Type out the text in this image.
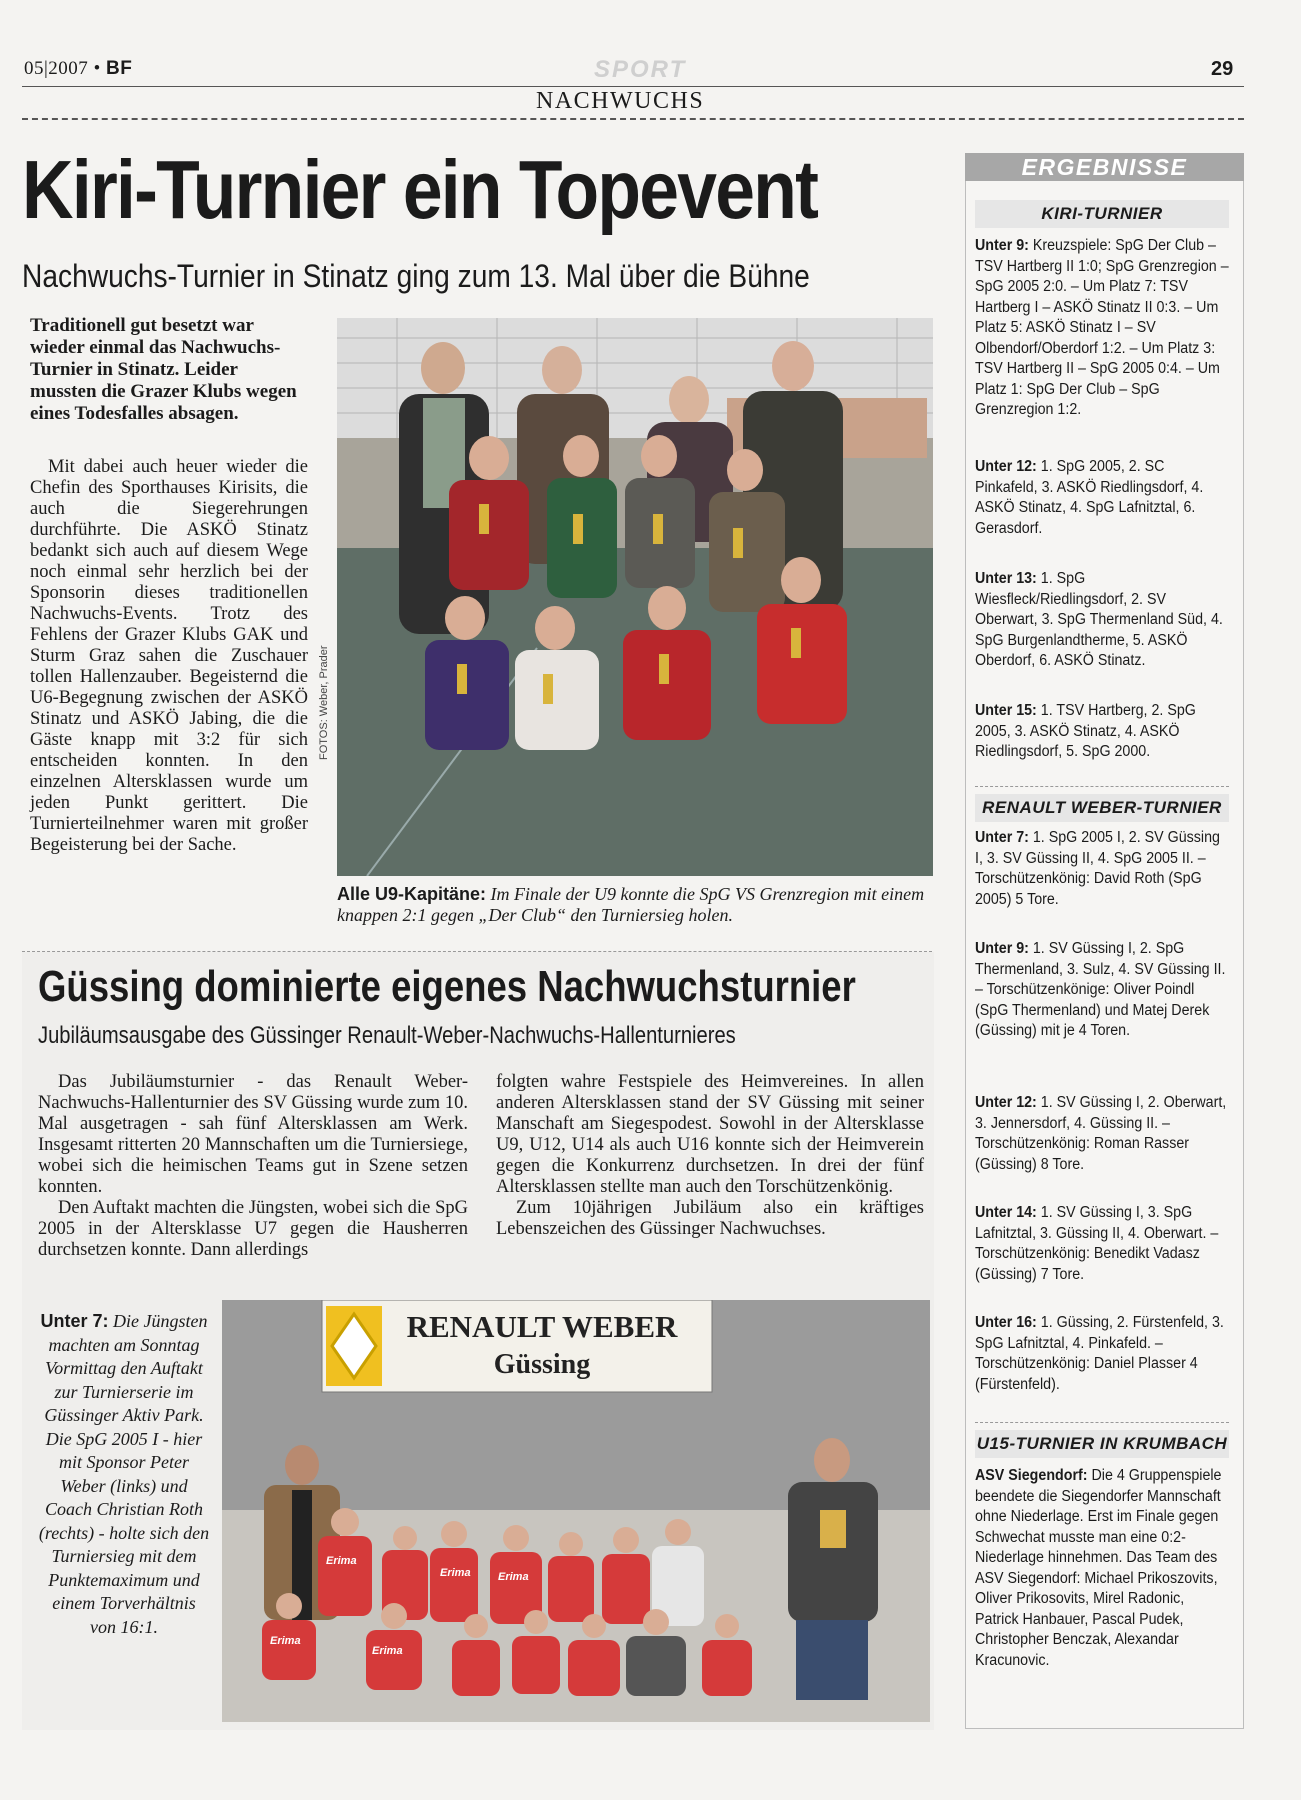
05|2007 • BF	SPORT	29
NACHWUCHS
Kiri-Turnier ein Topevent
Nachwuchs-Turnier in Stinatz ging zum 13. Mal über die Bühne
Traditionell gut besetzt war wieder einmal das Nachwuchs-Turnier in Stinatz. Leider mussten die Grazer Klubs wegen eines Todesfalles absagen.
Mit dabei auch heuer wieder die Chefin des Sporthauses Kirisits, die auch die Siegerehrungen durchführte. Die ASKÖ Stinatz bedankt sich auch auf diesem Wege noch einmal sehr herzlich bei der Sponsorin dieses traditionellen Nachwuchs-Events. Trotz des Fehlens der Grazer Klubs GAK und Sturm Graz sahen die Zuschauer tollen Hallenzauber. Begeisternd die U6-Begegnung zwischen der ASKÖ Stinatz und ASKÖ Jabing, die die Gäste knapp mit 3:2 für sich entscheiden konnten. In den einzelnen Altersklassen wurde um jeden Punkt gerittert. Die Turnierteilnehmer waren mit großer Begeisterung bei der Sache.
FOTOS: Weber, Prader
Alle U9-Kapitäne: Im Finale der U9 konnte die SpG VS Grenzregion mit einem knappen 2:1 gegen „Der Club“ den Turniersieg holen.
Güssing dominierte eigenes Nachwuchsturnier
Jubiläumsausgabe des Güssinger Renault-Weber-Nachwuchs-Hallenturnieres
Das Jubiläumsturnier - das Renault Weber-Nachwuchs-Hallenturnier des SV Güssing wurde zum 10. Mal ausgetragen - sah fünf Altersklassen am Werk. Insgesamt ritterten 20 Mannschaften um die Turniersiege, wobei sich die heimischen Teams gut in Szene setzen konnten.
Den Auftakt machten die Jüngsten, wobei sich die SpG 2005 in der Altersklasse U7 gegen die Hausherren durchsetzen konnte. Dann allerdings
folgten wahre Festspiele des Heimvereines. In allen anderen Altersklassen stand der SV Güssing mit seiner Manschaft am Siegespodest. Sowohl in der Altersklasse U9, U12, U14 als auch U16 konnte sich der Heimverein gegen die Konkurrenz durchsetzen. In drei der fünf Altersklassen stellte man auch den Torschützenkönig.
Zum 10jährigen Jubiläum also ein kräftiges Lebenszeichen des Güssinger Nachwuchses.
Unter 7: Die Jüngsten machten am Sonntag Vormittag den Auftakt zur Turnierserie im Güssinger Aktiv Park. Die SpG 2005 I - hier mit Sponsor Peter Weber (links) und Coach Christian Roth (rechts) - holte sich den Turniersieg mit dem Punktemaximum und einem Torverhältnis von 16:1.
RENAULT WEBER
Güssing
Erima
Erima Erima
Erima
Erima
ERGEBNISSE
KIRI-TURNIER
Unter 9: Kreuzspiele: SpG Der Club – TSV Hartberg II 1:0; SpG Grenzregion – SpG 2005 2:0. – Um Platz 7: TSV Hartberg I – ASKÖ Stinatz II 0:3. – Um Platz 5: ASKÖ Stinatz I – SV Olbendorf/Oberdorf 1:2. – Um Platz 3: TSV Hartberg II – SpG 2005 0:4. – Um Platz 1: SpG Der Club – SpG Grenzregion 1:2.
Unter 12: 1. SpG 2005, 2. SC Pinkafeld, 3. ASKÖ Riedlingsdorf, 4. ASKÖ Stinatz, 4. SpG Lafnitztal, 6. Gerasdorf.
Unter 13: 1. SpG Wiesfleck/Riedlingsdorf, 2. SV Oberwart, 3. SpG Thermenland Süd, 4. SpG Burgenlandtherme, 5. ASKÖ Oberdorf, 6. ASKÖ Stinatz.
Unter 15: 1. TSV Hartberg, 2. SpG 2005, 3. ASKÖ Stinatz, 4. ASKÖ Riedlingsdorf, 5. SpG 2000.
RENAULT WEBER-TURNIER
Unter 7: 1. SpG 2005 I, 2. SV Güssing I, 3. SV Güssing II, 4. SpG 2005 II. – Torschützenkönig: David Roth (SpG 2005) 5 Tore.
Unter 9: 1. SV Güssing I, 2. SpG Thermenland, 3. Sulz, 4. SV Güssing II. – Torschützenkönige: Oliver Poindl (SpG Thermenland) und Matej Derek (Güssing) mit je 4 Toren.
Unter 12: 1. SV Güssing I, 2. Oberwart, 3. Jennersdorf, 4. Güssing II. – Torschützenkönig: Roman Rasser (Güssing) 8 Tore.
Unter 14: 1. SV Güssing I, 3. SpG Lafnitztal, 3. Güssing II, 4. Oberwart. – Torschützenkönig: Benedikt Vadasz (Güssing) 7 Tore.
Unter 16: 1. Güssing, 2. Fürstenfeld, 3. SpG Lafnitztal, 4. Pinkafeld. – Torschützenkönig: Daniel Plasser 4 (Fürstenfeld).
U15-TURNIER IN KRUMBACH
ASV Siegendorf: Die 4 Gruppenspiele beendete die Siegendorfer Mannschaft ohne Niederlage. Erst im Finale gegen Schwechat musste man eine 0:2-Niederlage hinnehmen. Das Team des ASV Siegendorf: Michael Prikoszovits, Oliver Prikosovits, Mirel Radonic, Patrick Hanbauer, Pascal Pudek, Christopher Benczak, Alexandar Kracunovic.
